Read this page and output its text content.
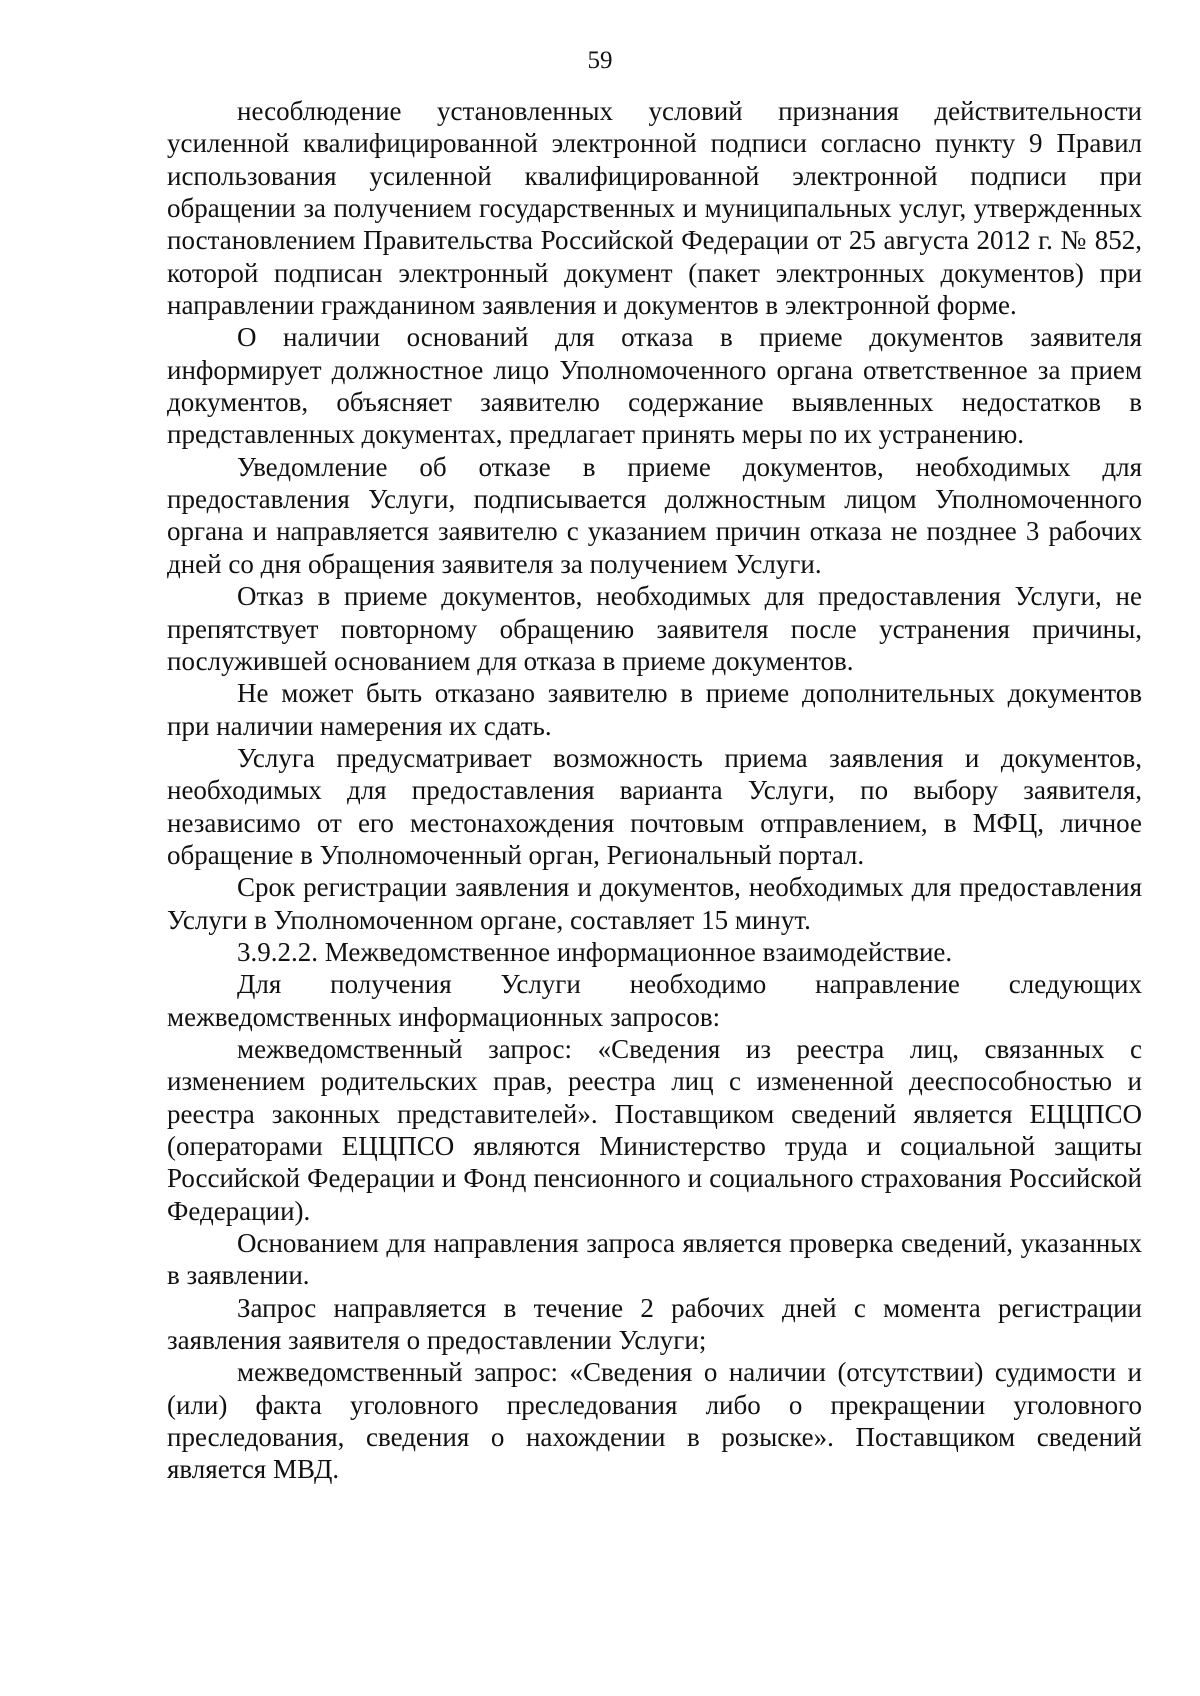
59

несоблюдение установленных условий признания действительности усиленной квалифицированной электронной подписи согласно пункту 9 Правил использования усиленной квалифицированной электронной подписи при обращении за получением государственных и муниципальных услуг, утвержденных постановлением Правительства Российской Федерации от 25 августа 2012 г. № 852, которой подписан электронный документ (пакет электронных документов) при направлении гражданином заявления и документов в электронной форме.

О наличии оснований для отказа в приеме документов заявителя информирует должностное лицо Уполномоченного органа ответственное за прием документов, объясняет заявителю содержание выявленных недостатков в представленных документах, предлагает принять меры по их устранению.

Уведомление об отказе в приеме документов, необходимых для предоставления Услуги, подписывается должностным лицом Уполномоченного органа и направляется заявителю с указанием причин отказа не позднее 3 рабочих дней со дня обращения заявителя за получением Услуги.

Отказ в приеме документов, необходимых для предоставления Услуги, не препятствует повторному обращению заявителя после устранения причины, послужившей основанием для отказа в приеме документов.

Не может быть отказано заявителю в приеме дополнительных документов при наличии намерения их сдать.

Услуга предусматривает возможность приема заявления и документов, необходимых для предоставления варианта Услуги, по выбору заявителя, независимо от его местонахождения почтовым отправлением, в МФЦ, личное обращение в Уполномоченный орган, Региональный портал.

Срок регистрации заявления и документов, необходимых для предоставления Услуги в Уполномоченном органе, составляет 15 минут.

3.9.2.2. Межведомственное информационное взаимодействие.

Для получения Услуги необходимо направление следующих межведомственных информационных запросов:

межведомственный запрос: «Сведения из реестра лиц, связанных с изменением родительских прав, реестра лиц с измененной дееспособностью и реестра законных представителей». Поставщиком сведений является ЕЦЦПСО (операторами ЕЦЦПСО являются Министерство труда и социальной защиты Российской Федерации и Фонд пенсионного и социального страхования Российской Федерации).

Основанием для направления запроса является проверка сведений, указанных в заявлении.

Запрос направляется в течение 2 рабочих дней с момента регистрации заявления заявителя о предоставлении Услуги;

межведомственный запрос: «Сведения о наличии (отсутствии) судимости и (или) факта уголовного преследования либо о прекращении уголовного преследования, сведения о нахождении в розыске». Поставщиком сведений является МВД.
